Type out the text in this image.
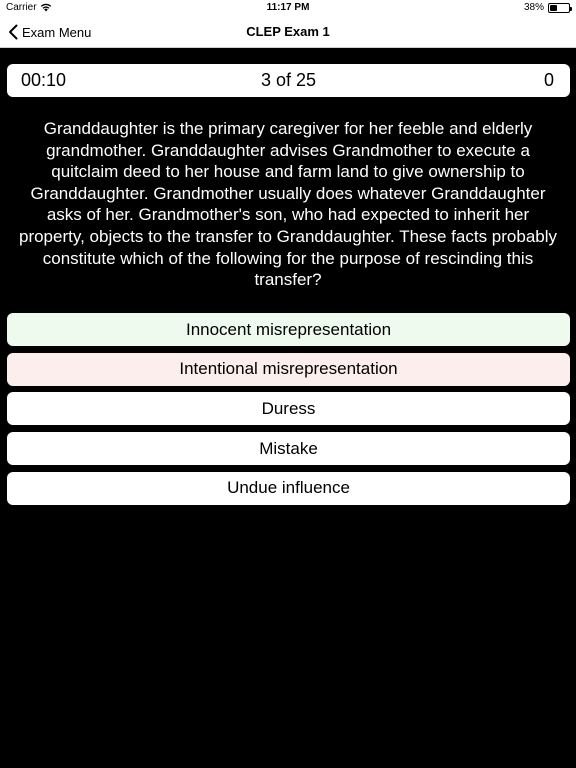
Carrier	11:17 PM	38%
Exam Menu	CLEP Exam 1
00:10	3 of 25	0
Granddaughter is the primary caregiver for her feeble and elderly grandmother. Granddaughter advises Grandmother to execute a quitclaim deed to her house and farm land to give ownership to Granddaughter. Grandmother usually does whatever Granddaughter asks of her. Grandmother's son, who had expected to inherit her property, objects to the transfer to Granddaughter. These facts probably constitute which of the following for the purpose of rescinding this transfer?
Innocent misrepresentation
Intentional misrepresentation
Duress
Mistake
Undue influence
